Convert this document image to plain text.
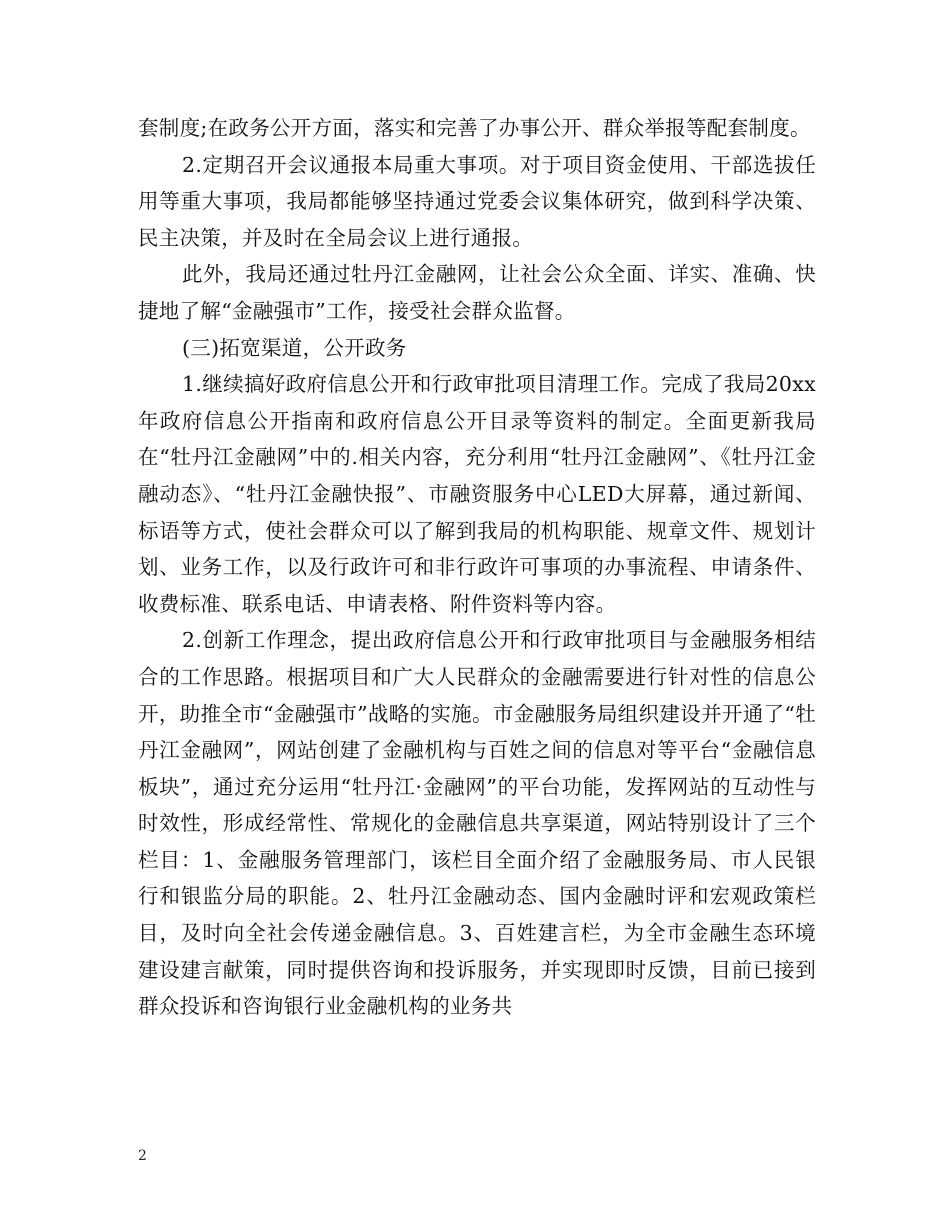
套制度;在政务公开方面，落实和完善了办事公开、群众举报等配套制度。

2.定期召开会议通报本局重大事项。对于项目资金使用、干部选拔任用等重大事项，我局都能够坚持通过党委会议集体研究，做到科学决策、民主决策，并及时在全局会议上进行通报。

此外，我局还通过牡丹江金融网，让社会公众全面、详实、准确、快捷地了解“金融强市”工作，接受社会群众监督。

(三)拓宽渠道，公开政务

1.继续搞好政府信息公开和行政审批项目清理工作。完成了我局20xx年政府信息公开指南和政府信息公开目录等资料的制定。全面更新我局在“牡丹江金融网”中的.相关内容，充分利用“牡丹江金融网”、《牡丹江金融动态》、“牡丹江金融快报”、市融资服务中心LED大屏幕，通过新闻、标语等方式，使社会群众可以了解到我局的机构职能、规章文件、规划计划、业务工作，以及行政许可和非行政许可事项的办事流程、申请条件、收费标准、联系电话、申请表格、附件资料等内容。

2.创新工作理念，提出政府信息公开和行政审批项目与金融服务相结合的工作思路。根据项目和广大人民群众的金融需要进行针对性的信息公开，助推全市“金融强市”战略的实施。市金融服务局组织建设并开通了“牡丹江金融网”，网站创建了金融机构与百姓之间的信息对等平台“金融信息板块”，通过充分运用“牡丹江·金融网”的平台功能，发挥网站的互动性与时效性，形成经常性、常规化的金融信息共享渠道，网站特别设计了三个栏目：1、金融服务管理部门，该栏目全面介绍了金融服务局、市人民银行和银监分局的职能。2、牡丹江金融动态、国内金融时评和宏观政策栏目，及时向全社会传递金融信息。3、百姓建言栏，为全市金融生态环境建设建言献策，同时提供咨询和投诉服务，并实现即时反馈，目前已接到群众投诉和咨询银行业金融机构的业务共

2
